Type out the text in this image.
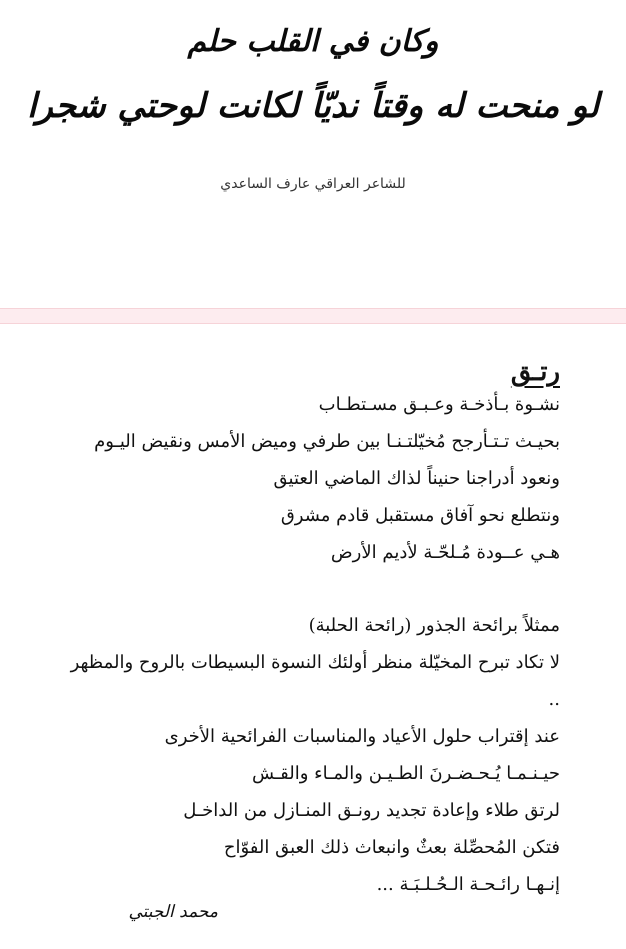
وكان في القلب حلم
لو منحت له وقتاً نديّاً لكانت لوحتي شجرا
للشاعر العراقي عارف الساعدي
رتـق
نشـوة بـأذخـة وعـبـق مسـتطـاب
بحيـث تـتـأرجح مُخيّلتـنـا بين طرفي وميض الأمس ونقيض اليـوم
ونعود أدراجنا حنيناً لذاك الماضي العتيق
ونتطلع نحو آفاق مستقبل قادم مشرق
هـي عــودة مُـلحّـة لأديم الأرض
ممثلاً برائحة الجذور (رائحة الحلبة)
لا تكاد تبرح المخيّلة منظر أولئك النسوة البسيطات بالروح والمظهر
..
عند إقتراب حلول الأعياد والمناسبات الفرائحية الأخرى
حيـنـمـا يُـحـضـرنَ الطـيـن والمـاء والقـش
لرتق طلاء وإعادة تجديد رونـق المنـازل من الداخـل
فتكن المُحصِّلة بعثٌ وانبعاث ذلك العبق الفوّاح
إنـهـا رائـحـة الـحُـلـبَـة ...
محمد الجبتي
